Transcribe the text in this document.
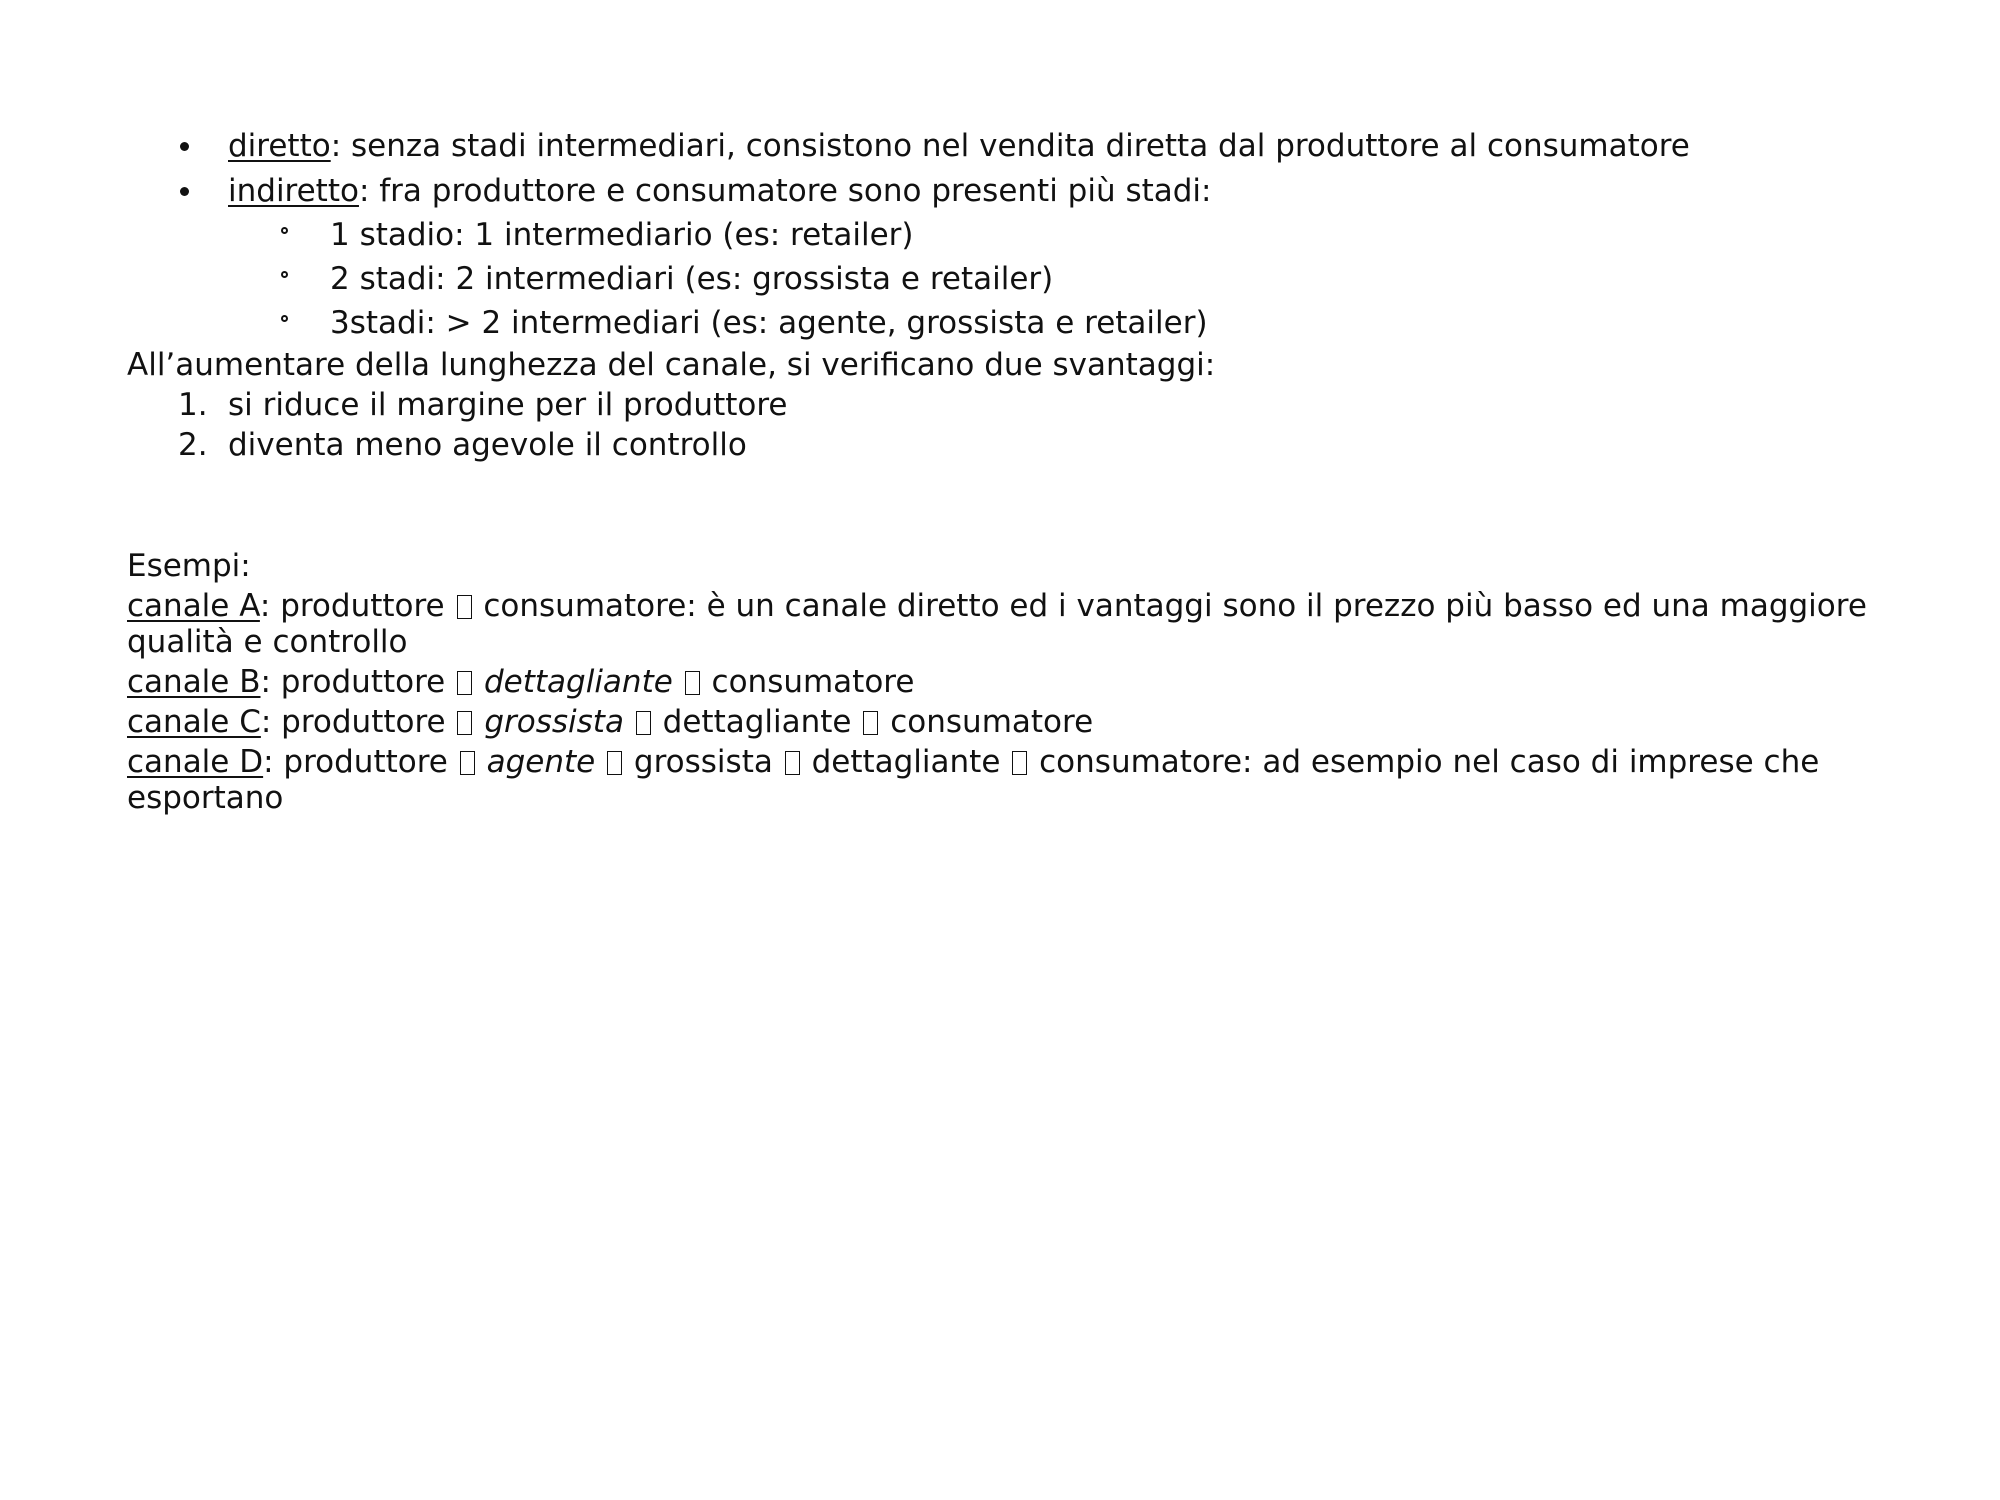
diretto: senza stadi intermediari, consistono nel vendita diretta dal produttore al consumatore
indiretto: fra produttore e consumatore sono presenti più stadi:
1 stadio: 1 intermediario (es: retailer)
2 stadi: 2 intermediari (es: grossista e retailer)
3stadi: > 2 intermediari (es: agente, grossista e retailer)
All’aumentare della lunghezza del canale, si verificano due svantaggi:
1. si riduce il margine per il produttore
2. diventa meno agevole il controllo
Esempi:
canale A: produttore consumatore: è un canale diretto ed i vantaggi sono il prezzo più basso ed una maggiore
qualità e controllo
canale B: produttore dettagliante consumatore
canale C: produttore grossista dettagliante consumatore
canale D: produttore agente grossista dettagliante consumatore: ad esempio nel caso di imprese che
esportano
